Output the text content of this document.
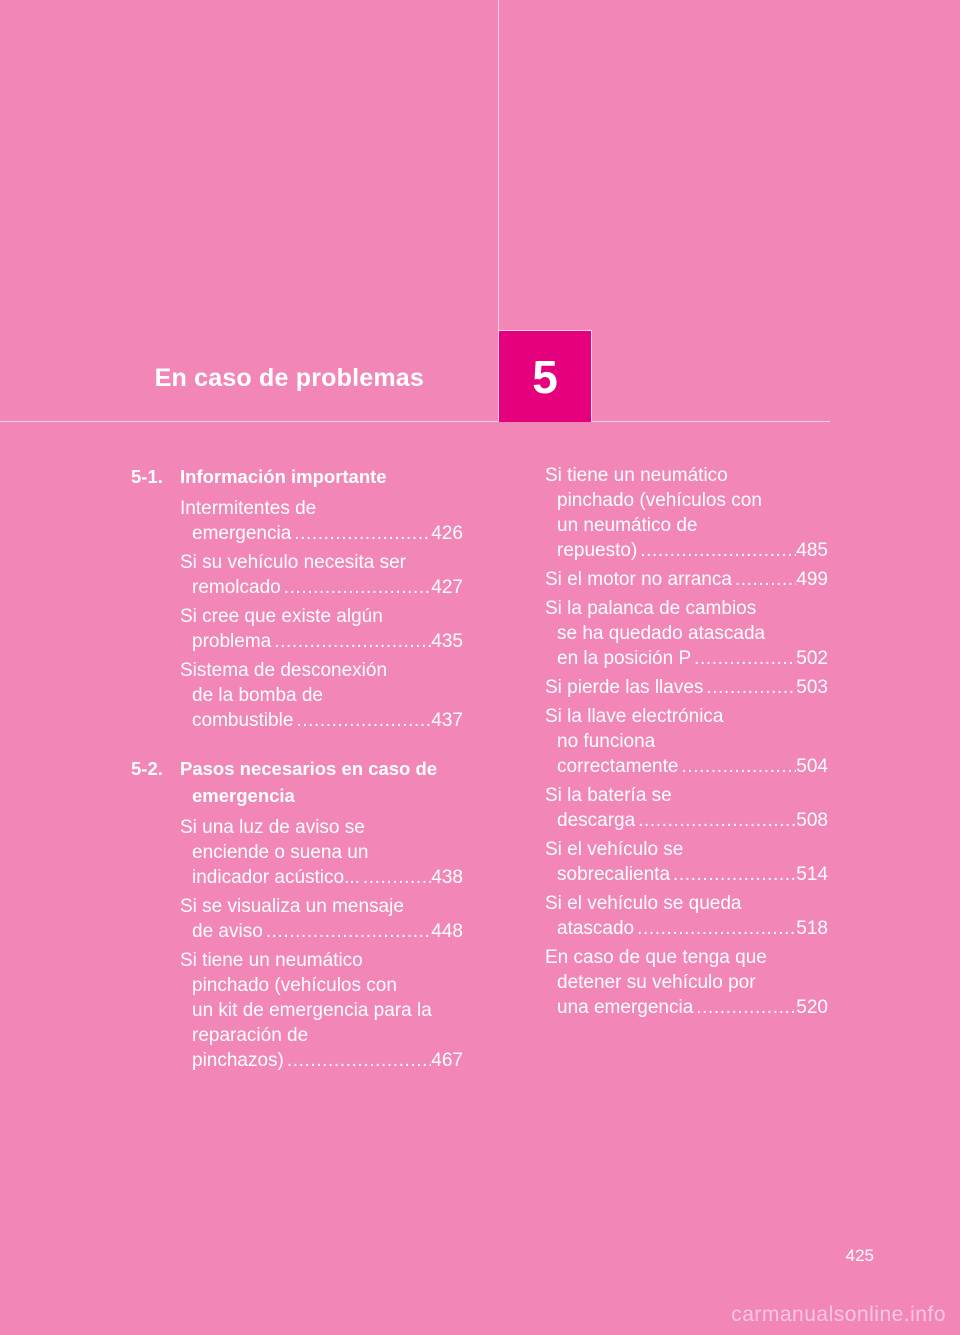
En caso de problemas	5
5-1. Información importante
Intermitentes de
emergencia .....	426
Si su vehículo necesita ser
remolcado .....	427
Si cree que existe algún
problema .....	435
Sistema de desconexión
de la bomba de
combustible .....	437
5-2. Pasos necesarios en caso de emergencia
Si una luz de aviso se
enciende o suena un
indicador acústico... .....	438
Si se visualiza un mensaje
de aviso .....	448
Si tiene un neumático
pinchado (vehículos con
un kit de emergencia para la
reparación de
pinchazos) .....	467
Si tiene un neumático
pinchado (vehículos con
un neumático de
repuesto) .....	485
Si el motor no arranca .....	499
Si la palanca de cambios
se ha quedado atascada
en la posición P .....	502
Si pierde las llaves .....	503
Si la llave electrónica
no funciona
correctamente .....	504
Si la batería se
descarga .....	508
Si el vehículo se
sobrecalienta .....	514
Si el vehículo se queda
atascado .....	518
En caso de que tenga que
detener su vehículo por
una emergencia .....	520
425
carmanualsonline.info
